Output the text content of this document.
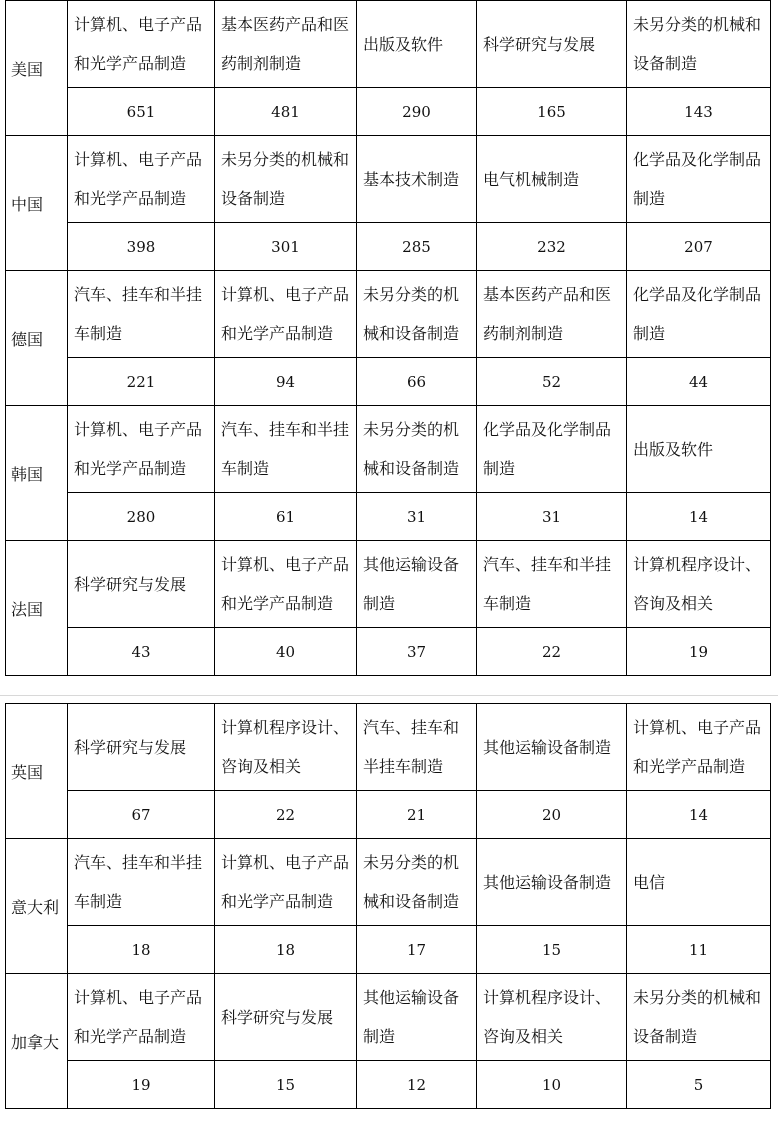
美国	计算机、电子产品和光学产品制造	基本医药产品和医药制剂制造	出版及软件	科学研究与发展	未另分类的机械和设备制造
	651	481	290	165	143
中国	计算机、电子产品和光学产品制造	未另分类的机械和设备制造	基本技术制造	电气机械制造	化学品及化学制品制造
	398	301	285	232	207
德国	汽车、挂车和半挂车制造	计算机、电子产品和光学产品制造	未另分类的机械和设备制造	基本医药产品和医药制剂制造	化学品及化学制品制造
	221	94	66	52	44
韩国	计算机、电子产品和光学产品制造	汽车、挂车和半挂车制造	未另分类的机械和设备制造	化学品及化学制品制造	出版及软件
	280	61	31	31	14
法国	科学研究与发展	计算机、电子产品和光学产品制造	其他运输设备制造	汽车、挂车和半挂车制造	计算机程序设计、咨询及相关
	43	40	37	22	19
英国	科学研究与发展	计算机程序设计、咨询及相关	汽车、挂车和半挂车制造	其他运输设备制造	计算机、电子产品和光学产品制造
	67	22	21	20	14
意大利	汽车、挂车和半挂车制造	计算机、电子产品和光学产品制造	未另分类的机械和设备制造	其他运输设备制造	电信
	18	18	17	15	11
加拿大	计算机、电子产品和光学产品制造	科学研究与发展	其他运输设备制造	计算机程序设计、咨询及相关	未另分类的机械和设备制造
	19	15	12	10	5
